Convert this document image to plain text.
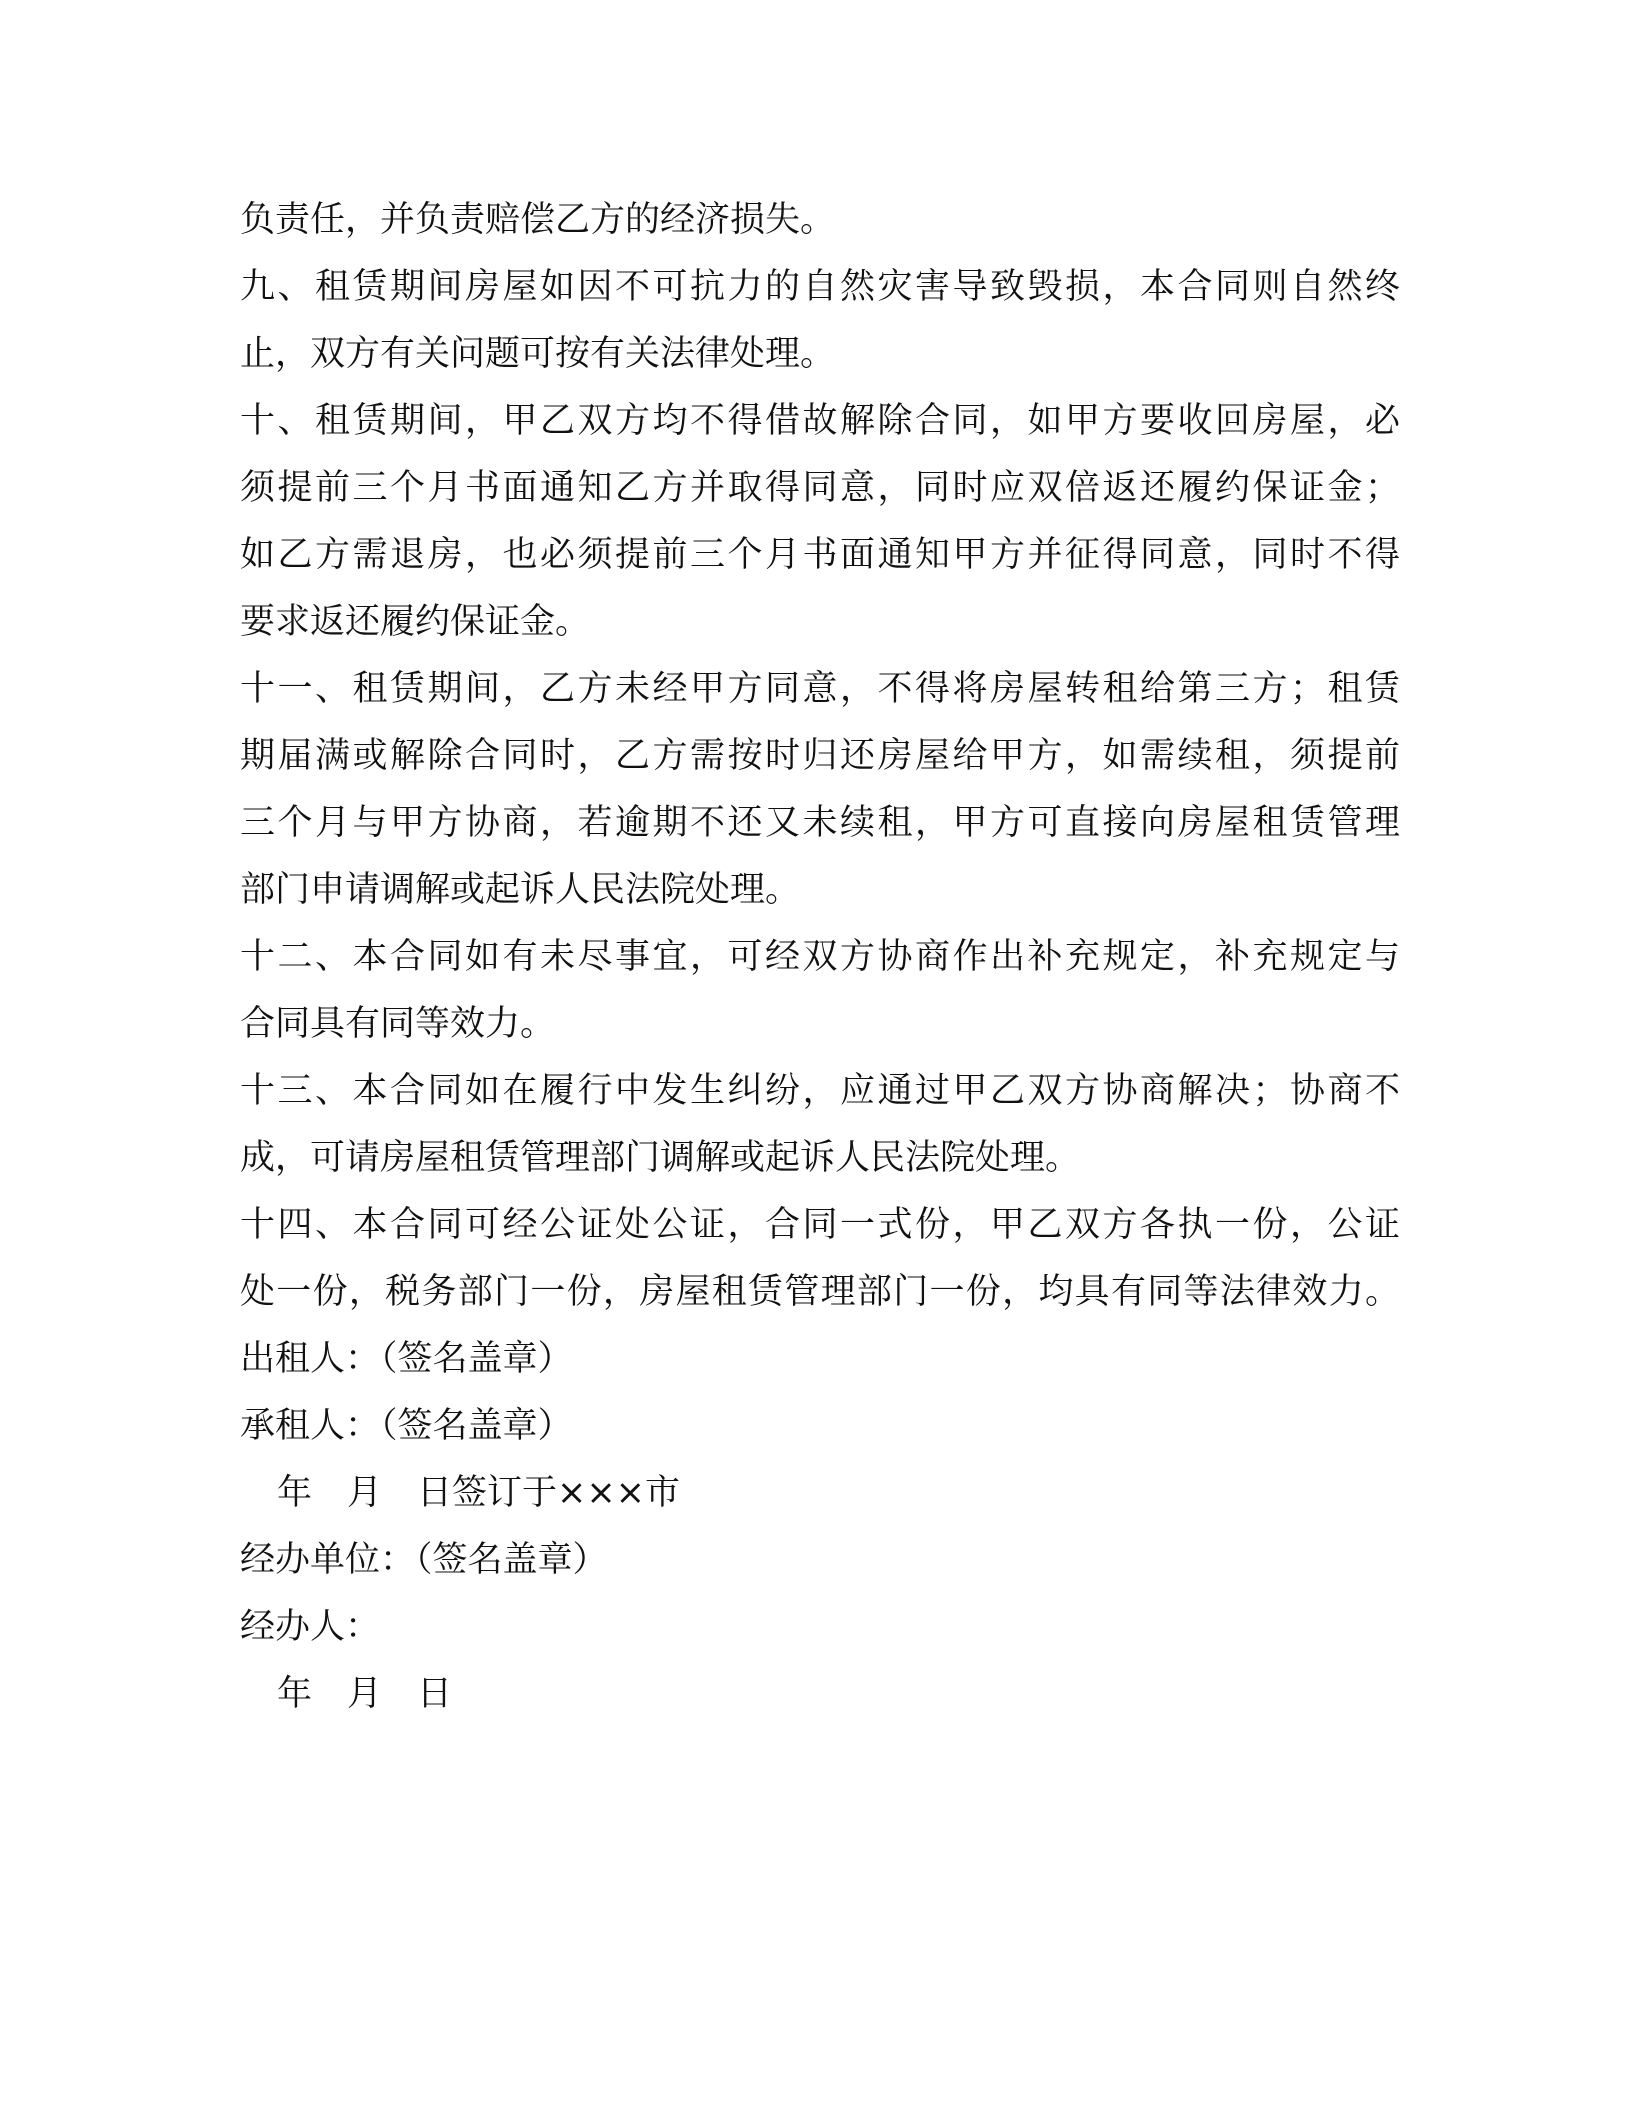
负责任，并负责赔偿乙方的经济损失。
九、租赁期间房屋如因不可抗力的自然灾害导致毁损，本合同则自然终
止，双方有关问题可按有关法律处理。
十、租赁期间，甲乙双方均不得借故解除合同，如甲方要收回房屋，必
须提前三个月书面通知乙方并取得同意，同时应双倍返还履约保证金；
如乙方需退房，也必须提前三个月书面通知甲方并征得同意，同时不得
要求返还履约保证金。
十一、租赁期间，乙方未经甲方同意，不得将房屋转租给第三方；租赁
期届满或解除合同时，乙方需按时归还房屋给甲方，如需续租，须提前
三个月与甲方协商，若逾期不还又未续租，甲方可直接向房屋租赁管理
部门申请调解或起诉人民法院处理。
十二、本合同如有未尽事宜，可经双方协商作出补充规定，补充规定与
合同具有同等效力。
十三、本合同如在履行中发生纠纷，应通过甲乙双方协商解决；协商不
成，可请房屋租赁管理部门调解或起诉人民法院处理。
十四、本合同可经公证处公证，合同一式份，甲乙双方各执一份，公证
处一份，税务部门一份，房屋租赁管理部门一份，均具有同等法律效力。
出租人：（签名盖章）
承租人：（签名盖章）
年　月　日签订于×××市
经办单位：（签名盖章）
经办人：
年　月　日
